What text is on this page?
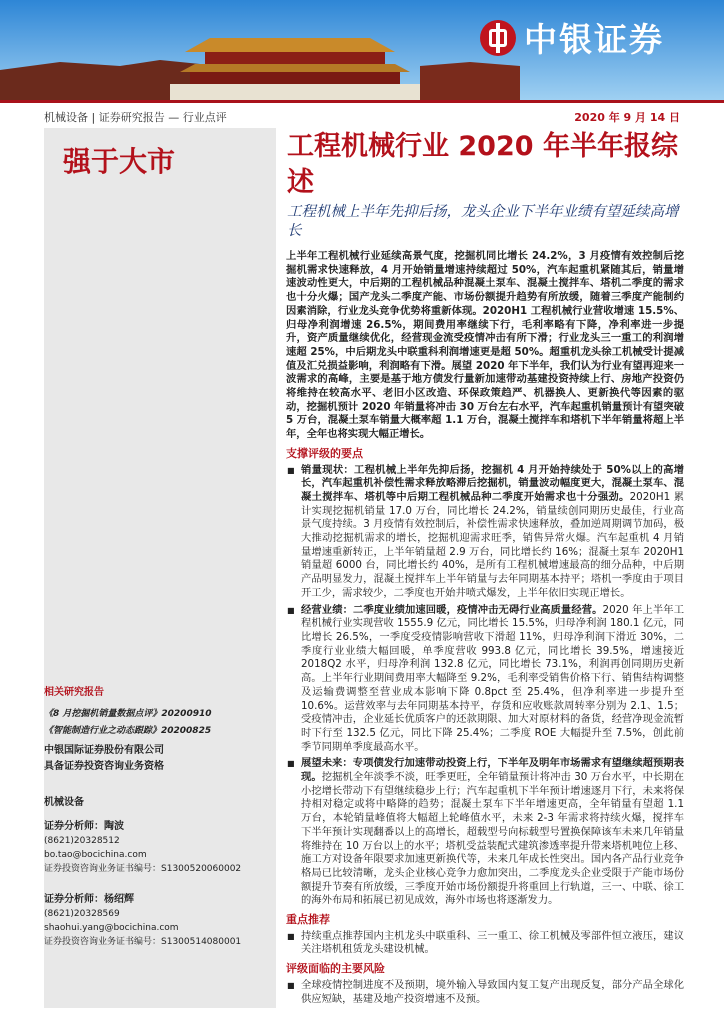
中银证券
机械设备 | 证券研究报告 — 行业点评	2020 年 9 月 14 日
强于大市	工程机械行业 2020 年半年报综述
工程机械上半年先抑后扬，龙头企业下半年业绩有望延续高增长
上半年工程机械行业延续高景气度，挖掘机同比增长 24.2%，3 月疫情有效控制后挖掘机需求快速释放，4 月开始销量增速持续超过 50%，汽车起重机紧随其后，销量增速波动性更大，中后期的工程机械品种混凝土泵车、混凝土搅拌车、塔机二季度的需求也十分火爆；国产龙头二季度产能、市场份额提升趋势有所放缓，随着三季度产能制约因素消除，行业龙头竞争优势将重新体现。2020H1 工程机械行业营收增速 15.5%、归母净利润增速 26.5%，期间费用率继续下行，毛利率略有下降，净利率进一步提升，资产质量继续优化，经营现金流受疫情冲击有所下滑；行业龙头三一重工的利润增速超 25%，中后期龙头中联重科利润增速更是超 50%。超重机龙头徐工机械受计提减值及汇兑损益影响，利润略有下滑。展望 2020 年下半年，我们认为行业有望再迎来一波需求的高峰，主要是基于地方债发行量新加速带动基建投资持续上行、房地产投资仍将维持在较高水平、老旧小区改造、环保政策趋严、机器换人、更新换代等因素的驱动，挖掘机预计 2020 年销量将冲击 30 万台左右水平，汽车起重机销量预计有望突破 5 万台，混凝土泵车销量大概率超 1.1 万台，混凝土搅拌车和塔机下半年销量将超上半年，全年也将实现大幅正增长。
支撑评级的要点
■ 销量现状：工程机械上半年先抑后扬，挖掘机 4 月开始持续处于 50%以上的高增长，汽车起重机补偿性需求释放略滞后挖掘机，销量波动幅度更大，混凝土泵车、混凝土搅拌车、塔机等中后期工程机械品种二季度开始需求也十分强劲。2020H1 累计实现挖掘机销量 17.0 万台，同比增长 24.2%，销量续创同期历史最佳，行业高景气度持续。3 月疫情有效控制后，补偿性需求快速释放，叠加逆周期调节加码，极大推动挖掘机需求的增长，挖掘机迎需求旺季，销售异常火爆。汽车起重机 4 月销量增速重新转正，上半年销量超 2.9 万台，同比增长约 16%；混凝土泵车 2020H1 销量超 6000 台，同比增长约 40%，是所有工程机械增速最高的细分品种，中后期产品明显发力，混凝土搅拌车上半年销量与去年同期基本持平；塔机一季度由于项目开工少，需求较少，二季度也开始井喷式爆发，上半年依旧实现正增长。
■ 经营业绩：二季度业绩加速回暖，疫情冲击无碍行业高质量经营。2020 年上半年工程机械行业实现营收 1555.9 亿元，同比增长 15.5%，归母净利润 180.1 亿元，同比增长 26.5%，一季度受疫情影响营收下滑超 11%，归母净利润下滑近 30%，二季度行业业绩大幅回暖，单季度营收 993.8 亿元，同比增长 39.5%，增速接近 2018Q2 水平，归母净利润 132.8 亿元，同比增长 73.1%，利润再创同期历史新高。上半年行业期间费用率大幅降至 9.2%，毛利率受销售价格下行、销售结构调整及运输费调整至营业成本影响下降 0.8pct 至 25.4%，但净利率进一步提升至 10.6%。运营效率与去年同期基本持平，存货和应收账款周转率分别为 2.1、1.5；受疫情冲击，企业延长优质客户的还款期限、加大对原材料的备货，经营净现金流暂时下行至 132.5 亿元，同比下降 25.4%；二季度 ROE 大幅提升至 7.5%，创此前季节同期单季度最高水平。
■ 展望未来：专项债发行加速带动投资上行，下半年及明年市场需求有望继续超预期表现。挖掘机全年淡季不淡，旺季更旺，全年销量预计将冲击 30 万台水平，中长期在小挖增长带动下有望继续稳步上行；汽车起重机下半年预计增速逐月下行，未来将保持相对稳定或将中略降的趋势；混凝土泵车下半年增速更高，全年销量有望超 1.1 万台，本轮销量峰值将大幅超上轮峰值水平，未来 2-3 年需求将持续火爆，搅拌车下半年预计实现翻番以上的高增长，超载型号向标载型号置换保障该车未来几年销量将维持在 10 万台以上的水平；塔机受益装配式建筑渗透率提升带来塔机吨位上移、施工方对设备年限要求加速更新换代等，未来几年成长性突出。国内各产品行业竞争格局已比较清晰，龙头企业核心竞争力愈加突出，二季度龙头企业受限于产能市场份额提升节奏有所放缓，三季度开始市场份额提升将重回上行轨道，三一、中联、徐工的海外布局和拓展已初见成效，海外市场也将逐渐发力。
重点推荐
■ 持续重点推荐国内主机龙头中联重科、三一重工、徐工机械及零部件恒立液压，建议关注塔机租赁龙头建设机械。
评级面临的主要风险
■ 全球疫情控制进度不及预期，境外输入导致国内复工复产出现反复，部分产品全球化供应短缺，基建及地产投资增速不及预。
相关研究报告
《8 月挖掘机销量数据点评》20200910
《智能制造行业之动态跟踪》20200825
中银国际证券股份有限公司
具备证券投资咨询业务资格
机械设备
证券分析师：陶波
(8621)20328512
bo.tao@bocichina.com
证券投资咨询业务证书编号：S1300520060002
证券分析师：杨绍辉
(8621)20328569
shaohui.yang@bocichina.com
证券投资咨询业务证书编号：S1300514080001
